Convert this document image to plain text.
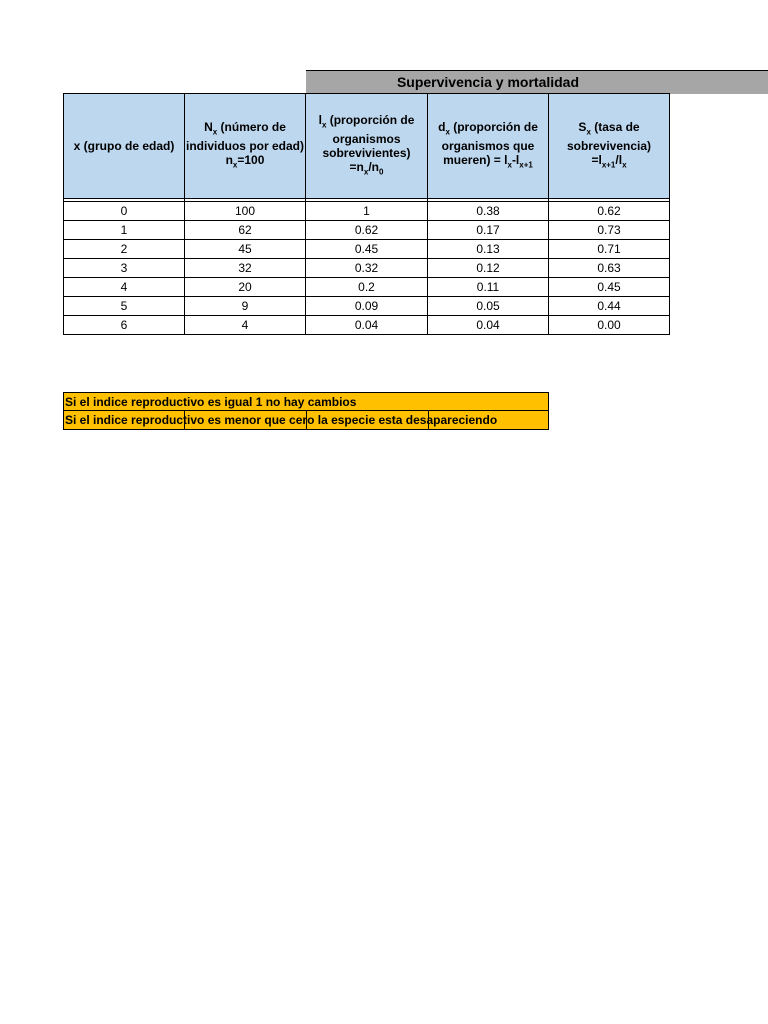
Supervivencia y mortalidad
x (grupo de edad)	$N_x$ (número de individuos por edad) $n_x=100$	$l_x$ (proporción de organismos sobrevivientes) $=n_x/n_0$	$d_x$ (proporción de organismos que mueren) = $l_x-l_{x+1}$	$S_x$ (tasa de sobrevivencia) $=l_{x+1}/l_x$

0	100	1	0.38	0.62
1	62	0.62	0.17	0.73
2	45	0.45	0.13	0.71
3	32	0.32	0.12	0.63
4	20	0.2	0.11	0.45
5	9	0.09	0.05	0.44
6	4	0.04	0.04	0.00
Si el indice reproductivo es igual 1 no hay cambios
Si el indice reproductivo es menor que cero la especie esta desapareciendo
